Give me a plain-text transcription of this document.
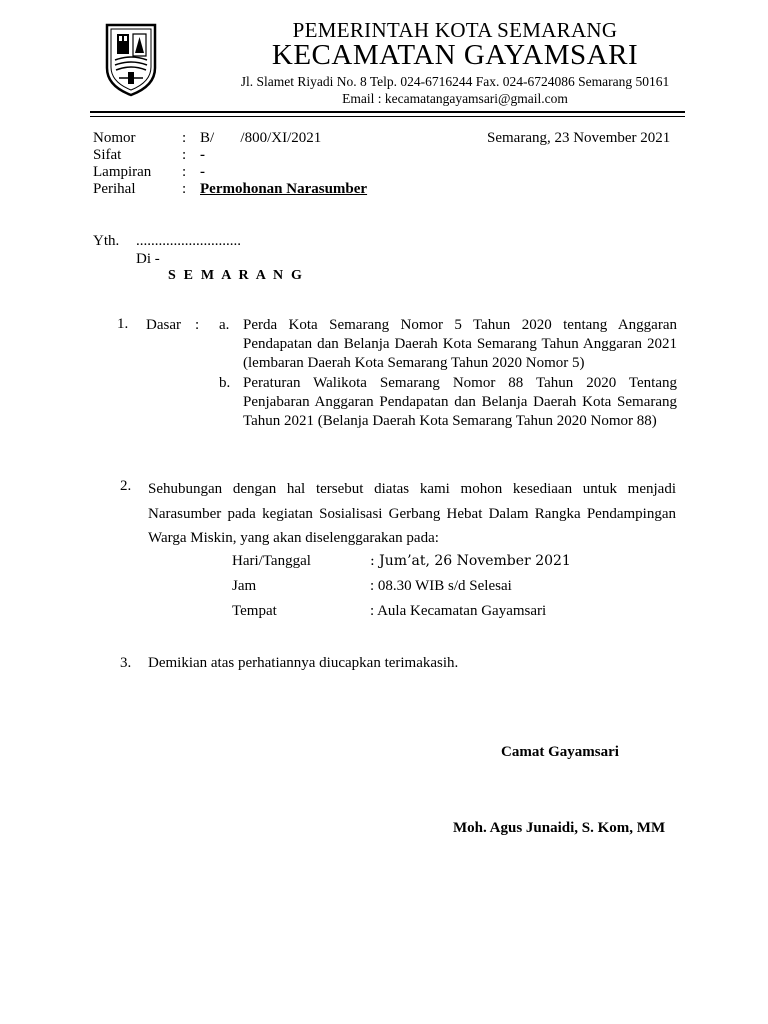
PEMERINTAH KOTA SEMARANG
KECAMATAN GAYAMSARI
Jl. Slamet Riyadi No. 8 Telp. 024-6716244 Fax. 024-6724086 Semarang 50161
Email : kecamatangayamsari@gmail.com
Semarang, 23 November 2021
Nomor	: B/       /800/XI/2021
Sifat	: -
Lampiran : -
Perihal	: Permohonan Narasumber
Yth. ............................
Di -
S E M A R A N G
1. Dasar : a. Perda Kota Semarang Nomor 5 Tahun 2020 tentang Anggaran Pendapatan dan Belanja Daerah Kota Semarang Tahun Anggaran 2021 (lembaran Daerah Kota Semarang Tahun 2020 Nomor 5)
b. Peraturan Walikota Semarang Nomor 88 Tahun 2020 Tentang Penjabaran Anggaran Pendapatan dan Belanja Daerah Kota Semarang Tahun 2021 (Belanja Daerah Kota Semarang Tahun 2020 Nomor 88)
2. Sehubungan dengan hal tersebut diatas kami mohon kesediaan untuk menjadi Narasumber pada kegiatan Sosialisasi Gerbang Hebat Dalam Rangka Pendampingan Warga Miskin, yang akan diselenggarakan pada:
Hari/Tanggal	: Jum’at, 26 November 2021
Jam	: 08.30 WIB s/d Selesai
Tempat	: Aula Kecamatan Gayamsari
3. Demikian atas perhatiannya diucapkan terimakasih.
Camat Gayamsari
Moh. Agus Junaidi, S. Kom, MM
